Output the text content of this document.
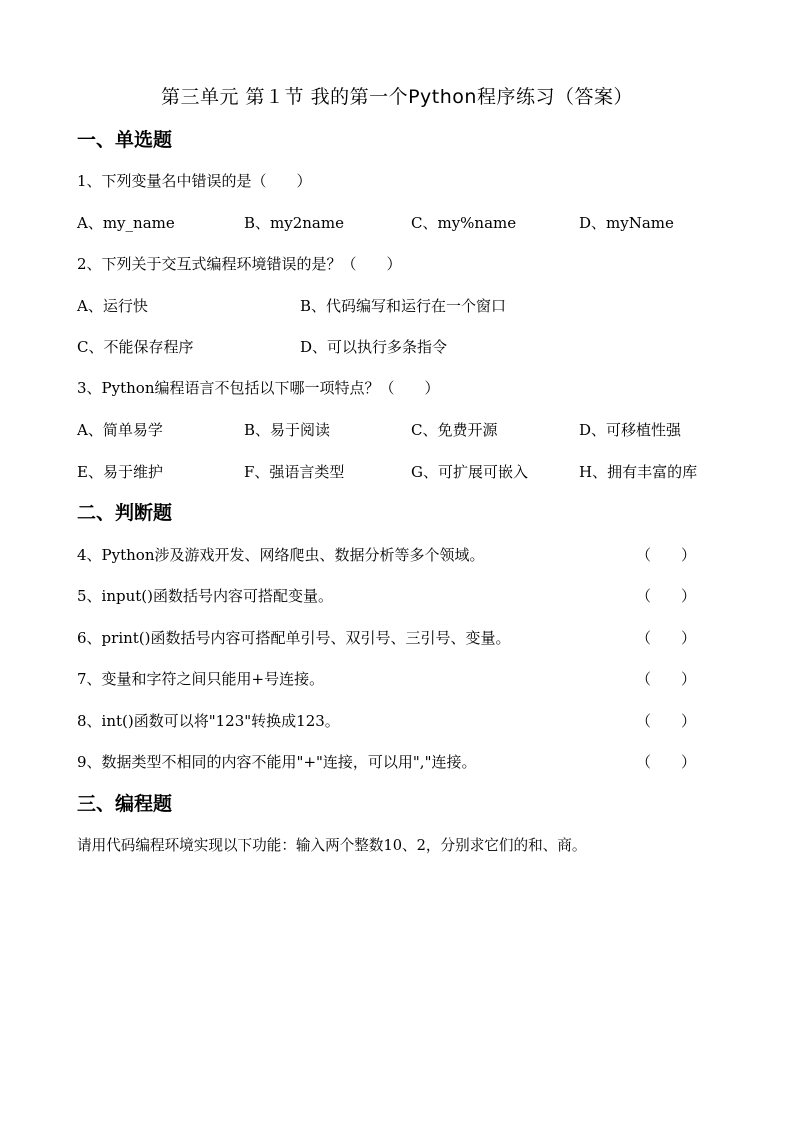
第三单元 第１节 我的第一个Python程序练习（答案）
一、单选题
1、下列变量名中错误的是（　　）
A、my_name	B、my2name	C、my%name	D、myName
2、下列关于交互式编程环境错误的是？（　　）
A、运行快	B、代码编写和运行在一个窗口
C、不能保存程序	D、可以执行多条指令
3、Python编程语言不包括以下哪一项特点？（　　）
A、简单易学	B、易于阅读	C、免费开源	D、可移植性强
E、易于维护	F、强语言类型	G、可扩展可嵌入	H、拥有丰富的库
二、判断题
4、Python涉及游戏开发、网络爬虫、数据分析等多个领域。	（　　）
5、input()函数括号内容可搭配变量。	（　　）
6、print()函数括号内容可搭配单引号、双引号、三引号、变量。	（　　）
7、变量和字符之间只能用+号连接。	（　　）
8、int()函数可以将"123"转换成123。	（　　）
9、数据类型不相同的内容不能用"+"连接，可以用","连接。	（　　）
三、编程题
请用代码编程环境实现以下功能：输入两个整数10、2，分别求它们的和、商。
